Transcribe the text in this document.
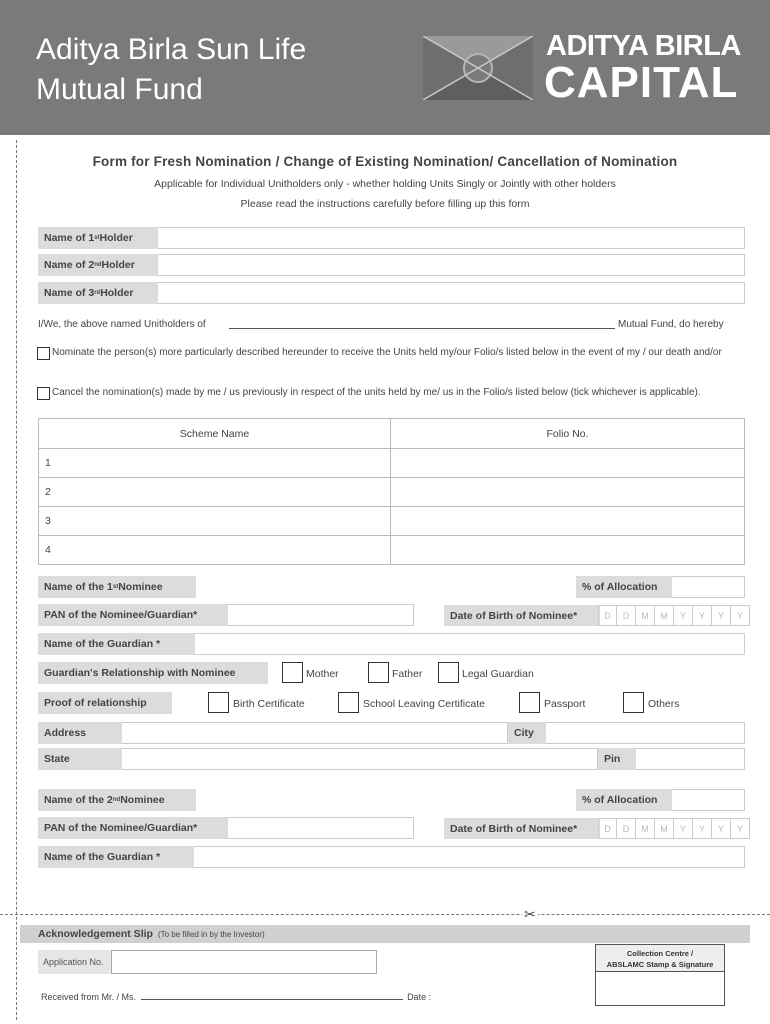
Aditya Birla Sun Life
Mutual Fund
ADITYA BIRLA
CAPITAL
Form for Fresh Nomination / Change of Existing Nomination/ Cancellation of Nomination
Applicable for Individual Unitholders only - whether holding Units Singly or Jointly with other holders
Please read the instructions carefully before filling up this form
Name of 1 st Holder
Name of 2 nd Holder
Name of 3 rd Holder
I/We, the above named Unitholders of	Mutual Fund, do hereby
Nominate the person(s) more particularly described hereunder to receive the Units held my/our Folio/s listed below in the event of my / our death and/or
Cancel the nomination(s) made by me / us previously in respect of the units held by me/ us in the Folio/s listed below (tick whichever is applicable).
Scheme Name	Folio No.
1	
2	
3	
4	
Name of the 1 st Nominee	% of Allocation
PAN of the Nominee/Guardian*	Date of Birth of Nominee*	D	D	M	M	Y	Y	Y	Y
Name of the Guardian *
Guardian's Relationship with Nominee	Mother	Father	Legal Guardian
Proof of relationship	Birth Certificate	School Leaving Certificate	Passport	Others
Address	City
State	Pin
Name of the 2 nd Nominee	% of Allocation
PAN of the Nominee/Guardian*	Date of Birth of Nominee*	D	D	M	M	Y	Y	Y	Y
Name of the Guardian *
✂
Acknowledgement Slip (To be filled in by the Investor)
Application No.
Received from Mr. / Ms.	Date :
Collection Centre /
ABSLAMC Stamp & Signature
